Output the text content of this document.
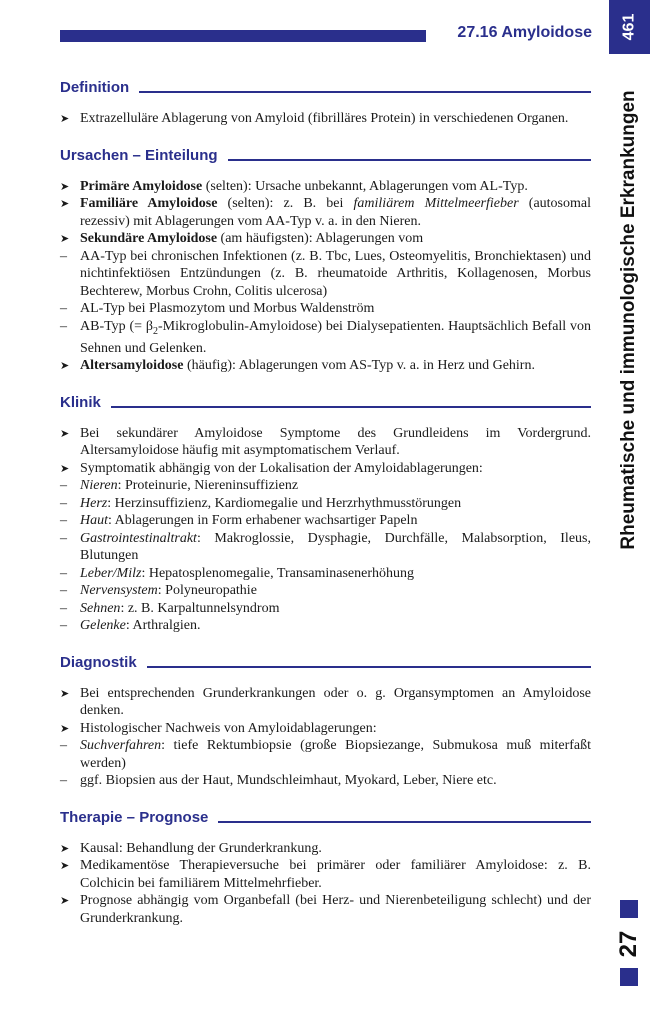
27.16 Amyloidose 461
Rheumatische und immunologische Erkrankungen
27
Definition
➤ Extrazelluläre Ablagerung von Amyloid (fibrilläres Protein) in verschiedenen Organen.
Ursachen – Einteilung
➤ Primäre Amyloidose (selten): Ursache unbekannt, Ablagerungen vom AL-Typ.
➤ Familiäre Amyloidose (selten): z. B. bei familiärem Mittelmeerfieber (autosomal rezessiv) mit Ablagerungen vom AA-Typ v. a. in den Nieren.
➤ Sekundäre Amyloidose (am häufigsten): Ablagerungen vom
– AA-Typ bei chronischen Infektionen (z. B. Tbc, Lues, Osteomyelitis, Bronchiektasen) und nichtinfektiösen Entzündungen (z. B. rheumatoide Arthritis, Kollagenosen, Morbus Bechterew, Morbus Crohn, Colitis ulcerosa)
– AL-Typ bei Plasmozytom und Morbus Waldenström
– AB-Typ (= $\beta_2-Mikroglobulin-Amyloidose$) bei Dialysepatienten. Hauptsächlich Befall von Sehnen und Gelenken.
➤ Altersamyloidose (häufig): Ablagerungen vom AS-Typ v. a. in Herz und Gehirn.
Klinik
➤ Bei sekundärer Amyloidose Symptome des Grundleidens im Vordergrund. Altersamyloidose häufig mit asymptomatischem Verlauf.
➤ Symptomatik abhängig von der Lokalisation der Amyloidablagerungen:
– Nieren: Proteinurie, Niereninsuffizienz
– Herz: Herzinsuffizienz, Kardiomegalie und Herzrhythmusstörungen
– Haut: Ablagerungen in Form erhabener wachsartiger Papeln
– Gastrointestinaltrakt: Makroglossie, Dysphagie, Durchfälle, Malabsorption, Ileus, Blutungen
– Leber/Milz: Hepatosplenomegalie, Transaminasenerhöhung
– Nervensystem: Polyneuropathie
– Sehnen: z. B. Karpaltunnelsyndrom
– Gelenke: Arthralgien.
Diagnostik
➤ Bei entsprechenden Grunderkrankungen oder o. g. Organsymptomen an Amyloidose denken.
➤ Histologischer Nachweis von Amyloidablagerungen:
– Suchverfahren: tiefe Rektumbiopsie (große Biopsiezange, Submukosa muß miterfaßt werden)
– ggf. Biopsien aus der Haut, Mundschleimhaut, Myokard, Leber, Niere etc.
Therapie – Prognose
➤ Kausal: Behandlung der Grunderkrankung.
➤ Medikamentöse Therapieversuche bei primärer oder familiärer Amyloidose: z. B. Colchicin bei familiärem Mittelmehrfieber.
➤ Prognose abhängig vom Organbefall (bei Herz- und Nierenbeteiligung schlecht) und der Grunderkrankung.
